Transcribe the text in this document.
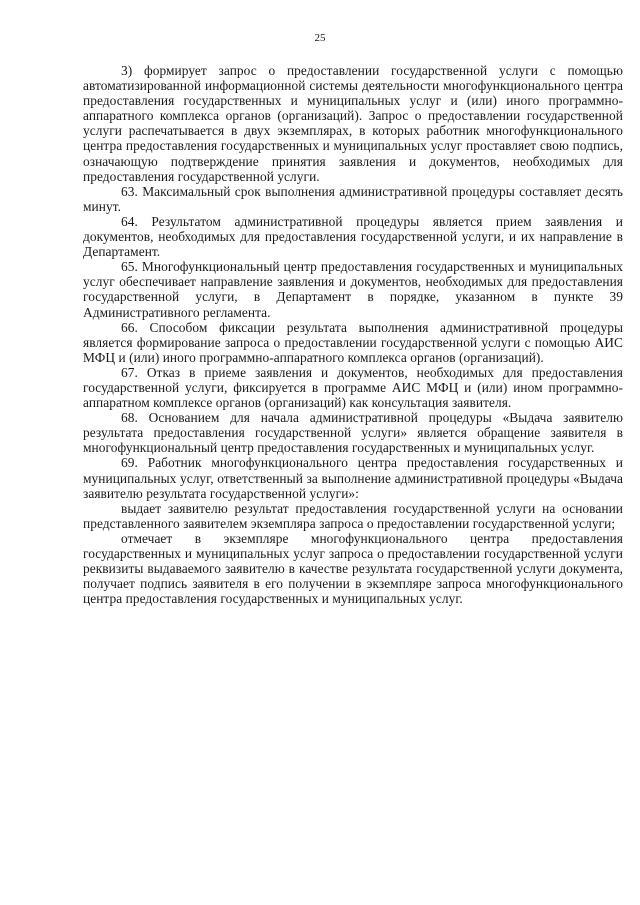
25

3) формирует запрос о предоставлении государственной услуги с помощью автоматизированной информационной системы деятельности многофункционального центра предоставления государственных и муниципальных услуг и (или) иного программно-аппаратного комплекса органов (организаций). Запрос о предоставлении государственной услуги распечатывается в двух экземплярах, в которых работник многофункционального центра предоставления государственных и муниципальных услуг проставляет свою подпись, означающую подтверждение принятия заявления и документов, необходимых для предоставления государственной услуги.

63. Максимальный срок выполнения административной процедуры составляет десять минут.

64. Результатом административной процедуры является прием заявления и документов, необходимых для предоставления государственной услуги, и их направление в Департамент.

65. Многофункциональный центр предоставления государственных и муниципальных услуг обеспечивает направление заявления и документов, необходимых для предоставления государственной услуги, в Департамент в порядке, указанном в пункте 39 Административного регламента.

66. Способом фиксации результата выполнения административной процедуры является формирование запроса о предоставлении государственной услуги с помощью АИС МФЦ и (или) иного программно-аппаратного комплекса органов (организаций).

67. Отказ в приеме заявления и документов, необходимых для предоставления государственной услуги, фиксируется в программе АИС МФЦ и (или) ином программно-аппаратном комплексе органов (организаций) как консультация заявителя.

68. Основанием для начала административной процедуры «Выдача заявителю результата предоставления государственной услуги» является обращение заявителя в многофункциональный центр предоставления государственных и муниципальных услуг.

69. Работник многофункционального центра предоставления государственных и муниципальных услуг, ответственный за выполнение административной процедуры «Выдача заявителю результата государственной услуги»:

выдает заявителю результат предоставления государственной услуги на основании представленного заявителем экземпляра запроса о предоставлении государственной услуги;

отмечает в экземпляре многофункционального центра предоставления государственных и муниципальных услуг запроса о предоставлении государственной услуги реквизиты выдаваемого заявителю в качестве результата государственной услуги документа, получает подпись заявителя в его получении в экземпляре запроса многофункционального центра предоставления государственных и муниципальных услуг.
